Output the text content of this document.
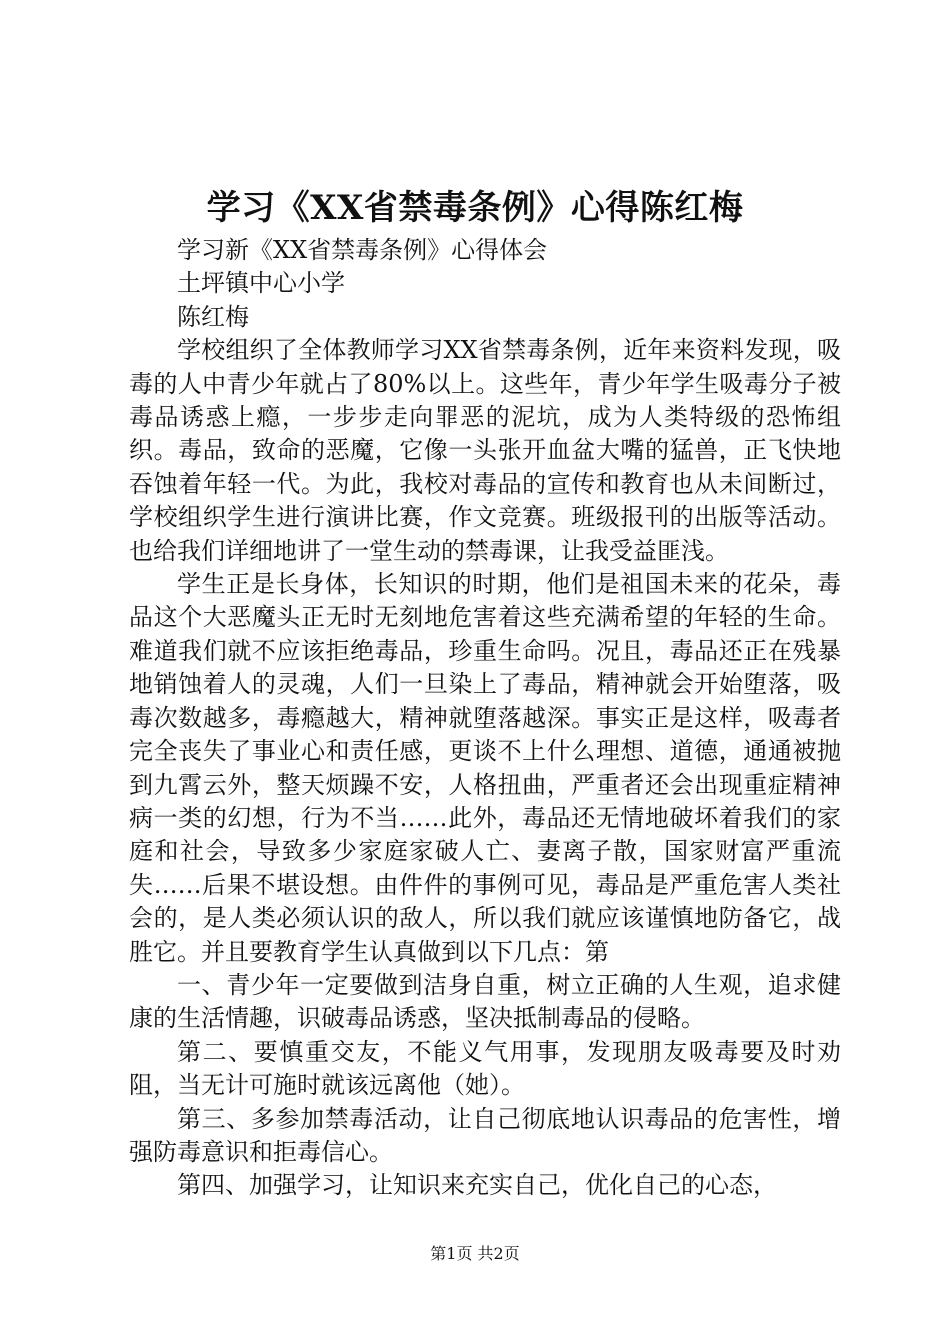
学习《XX省禁毒条例》心得陈红梅

学习新《XX省禁毒条例》心得体会

土坪镇中心小学

陈红梅

学校组织了全体教师学习XX省禁毒条例，近年来资料发现，吸毒的人中青少年就占了80%以上。这些年，青少年学生吸毒分子被毒品诱惑上瘾，一步步走向罪恶的泥坑，成为人类特级的恐怖组织。毒品，致命的恶魔，它像一头张开血盆大嘴的猛兽，正飞快地吞蚀着年轻一代。为此，我校对毒品的宣传和教育也从未间断过，学校组织学生进行演讲比赛，作文竞赛。班级报刊的出版等活动。也给我们详细地讲了一堂生动的禁毒课，让我受益匪浅。

学生正是长身体，长知识的时期，他们是祖国未来的花朵，毒品这个大恶魔头正无时无刻地危害着这些充满希望的年轻的生命。难道我们就不应该拒绝毒品，珍重生命吗。况且，毒品还正在残暴地销蚀着人的灵魂，人们一旦染上了毒品，精神就会开始堕落，吸毒次数越多，毒瘾越大，精神就堕落越深。事实正是这样，吸毒者完全丧失了事业心和责任感，更谈不上什么理想、道德，通通被抛到九霄云外，整天烦躁不安，人格扭曲，严重者还会出现重症精神病一类的幻想，行为不当……此外，毒品还无情地破坏着我们的家庭和社会，导致多少家庭家破人亡、妻离子散，国家财富严重流失……后果不堪设想。由件件的事例可见，毒品是严重危害人类社会的，是人类必须认识的敌人，所以我们就应该谨慎地防备它，战胜它。并且要教育学生认真做到以下几点：第

一、青少年一定要做到洁身自重，树立正确的人生观，追求健康的生活情趣，识破毒品诱惑，坚决抵制毒品的侵略。

第二、要慎重交友，不能义气用事，发现朋友吸毒要及时劝阻，当无计可施时就该远离他（她）。

第三、多参加禁毒活动，让自己彻底地认识毒品的危害性，增强防毒意识和拒毒信心。

第四、加强学习，让知识来充实自己，优化自己的心态，

第1页 共2页
